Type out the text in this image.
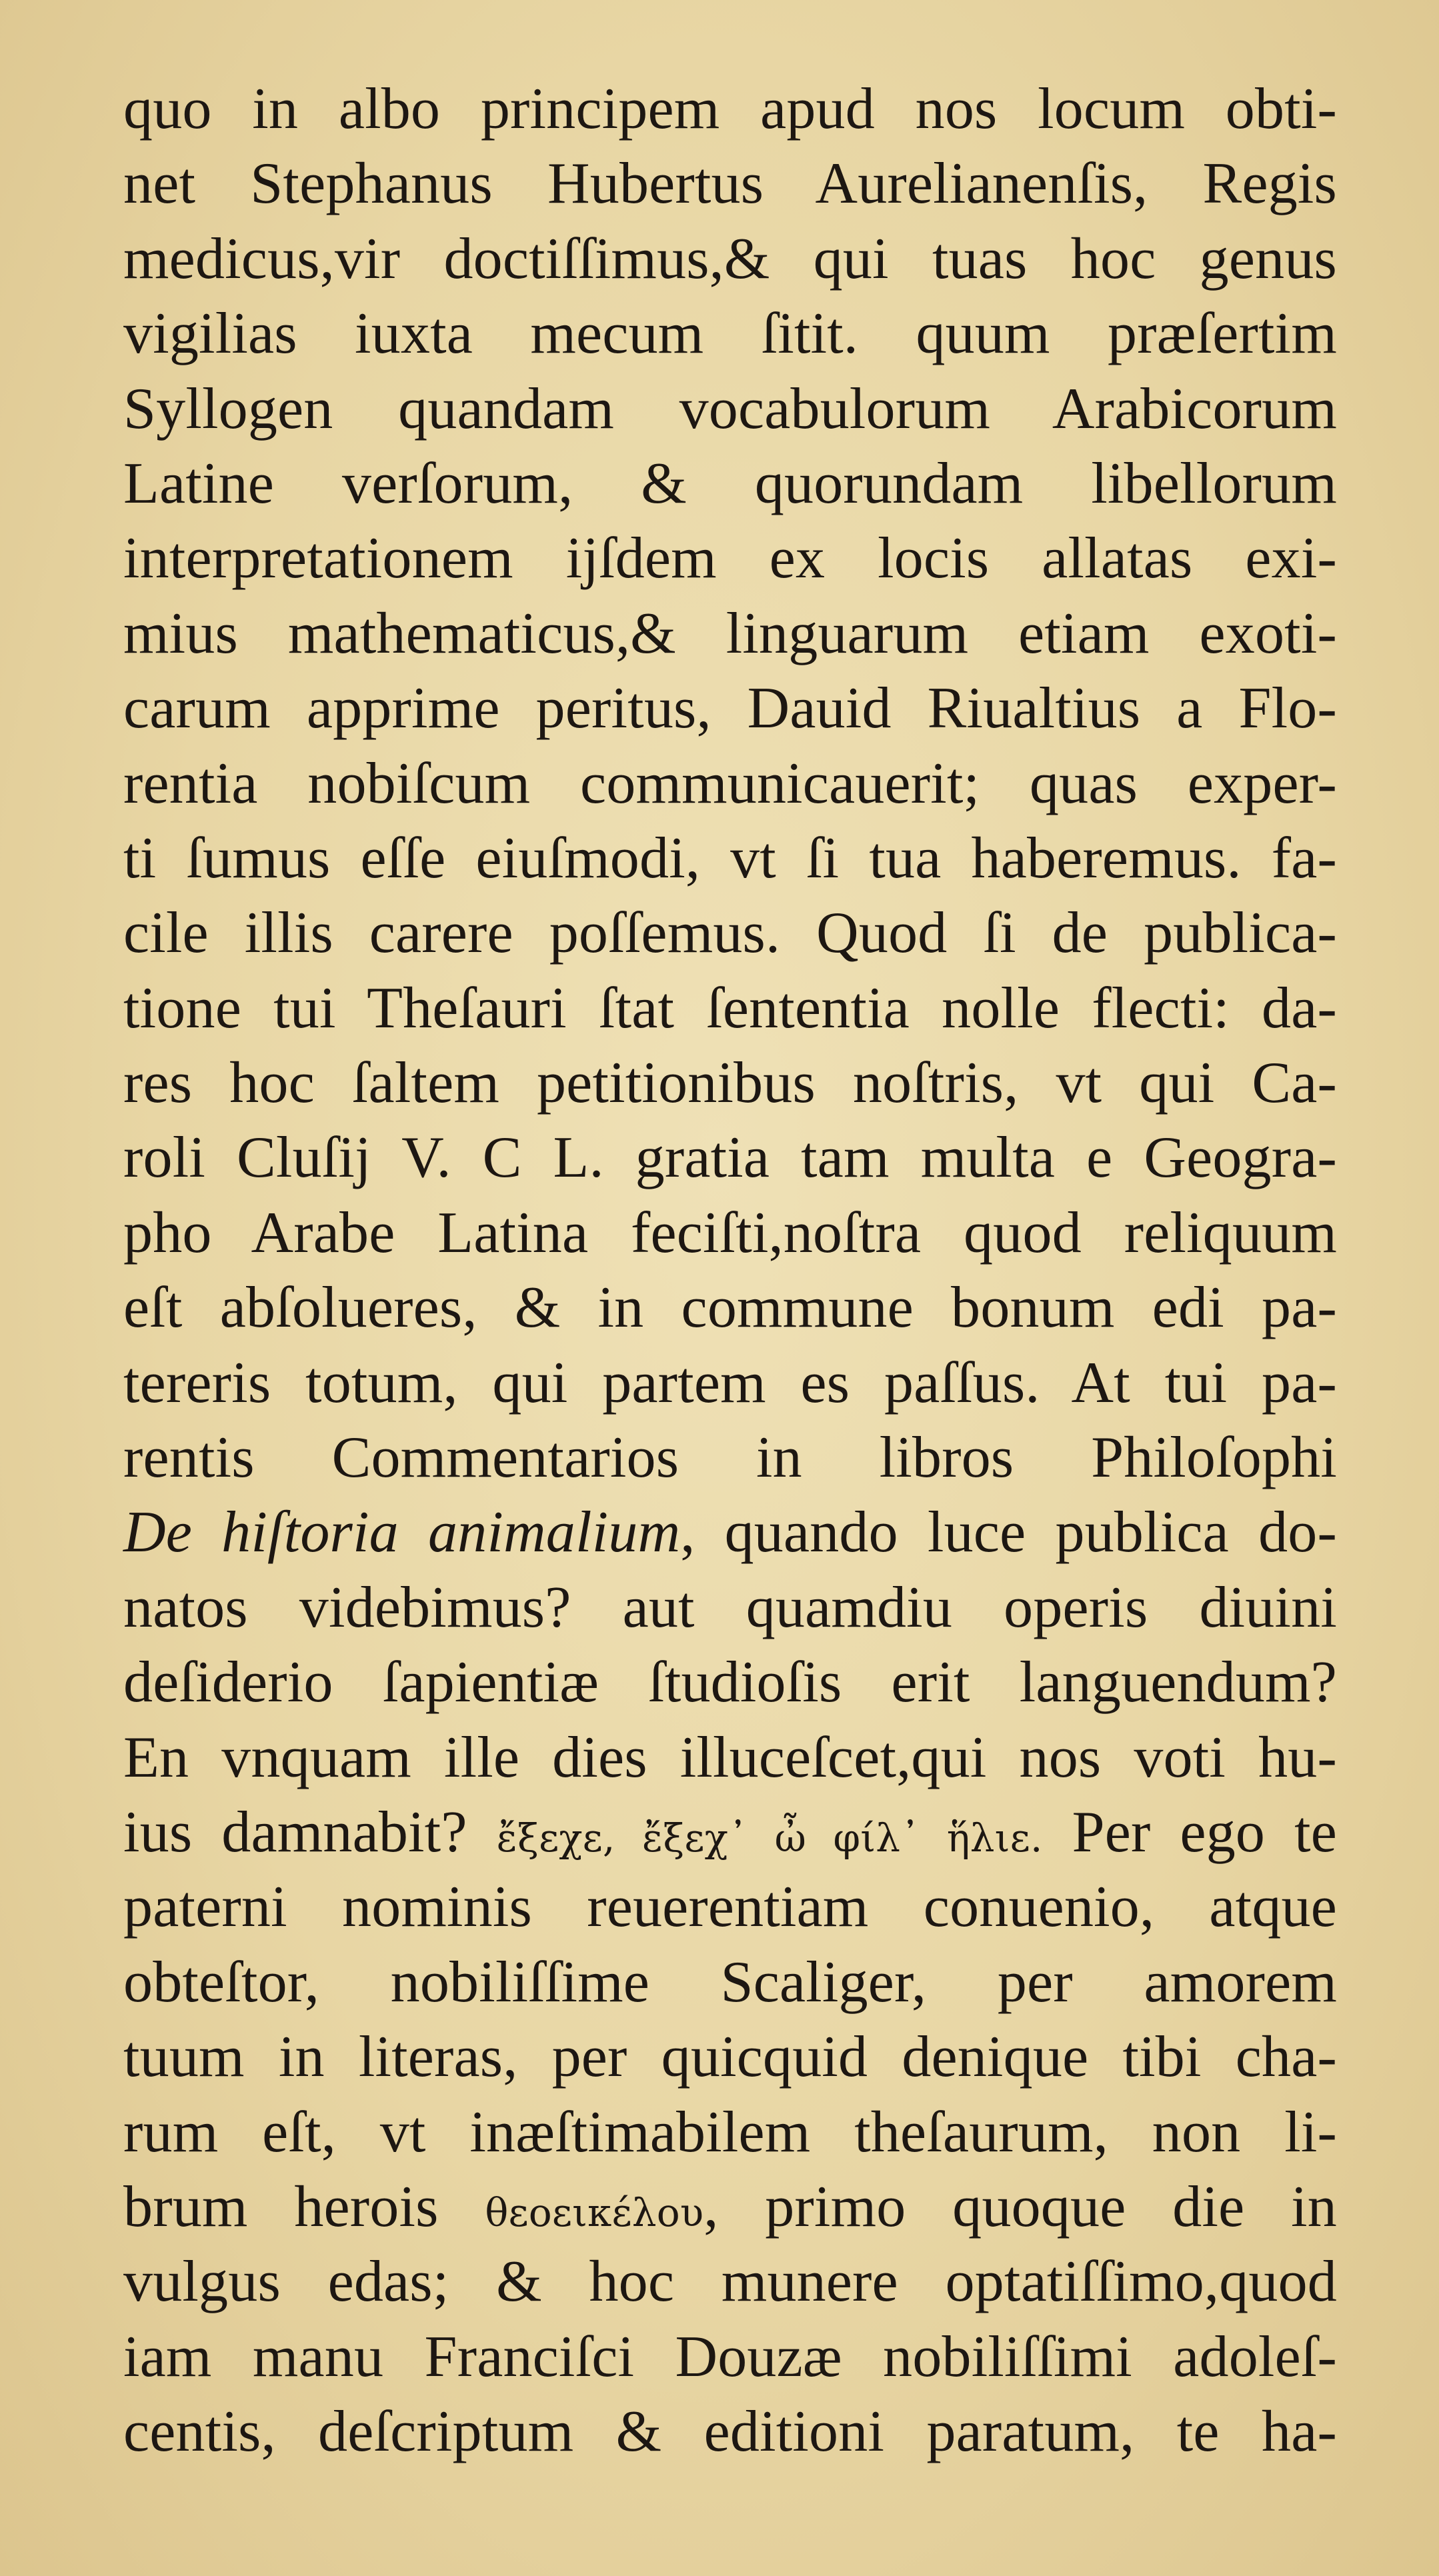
quo in albo principem apud nos locum obti-
net Stephanus Hubertus Aurelianenſis, Regis
medicus,vir doctiſſimus,& qui tuas hoc genus
vigilias iuxta mecum ſitit. quum præſertim
Syllogen quandam vocabulorum Arabicorum
Latine verſorum, & quorundam libellorum
interpretationem ijſdem ex locis allatas exi-
mius mathematicus,& linguarum etiam exoti-
carum apprime peritus, Dauid Riualtius a Flo-
rentia nobiſcum communicauerit; quas exper-
ti ſumus eſſe eiuſmodi, vt ſi tua haberemus. fa-
cile illis carere poſſemus. Quod ſi de publica-
tione tui Theſauri ſtat ſententia nolle flecti: da-
res hoc ſaltem petitionibus noſtris, vt qui Ca-
roli Cluſij V. C L. gratia tam multa e Geogra-
pho Arabe Latina feciſti,noſtra quod reliquum
eſt abſolueres, & in commune bonum edi pa-
tereris totum, qui partem es paſſus. At tui pa-
rentis Commentarios in libros Philoſophi
De hiſtoria animalium, quando luce publica do-
natos videbimus? aut quamdiu operis diuini
deſiderio ſapientiæ ſtudioſis erit languendum?
En vnquam ille dies illuceſcet,qui nos voti hu-
ius damnabit? ἔξεχε, ἔξεχ᾽ ὦ φίλ᾽ ἥλιε. Per ego te
paterni nominis reuerentiam conuenio, atque
obteſtor, nobiliſſime Scaliger, per amorem
tuum in literas, per quicquid denique tibi cha-
rum eſt, vt inæſtimabilem theſaurum, non li-
brum herois θεοεικέλου, primo quoque die in
vulgus edas; & hoc munere optatiſſimo,quod
iam manu Franciſci Douzæ nobiliſſimi adoleſ-
centis, deſcriptum & editioni paratum, te ha-
